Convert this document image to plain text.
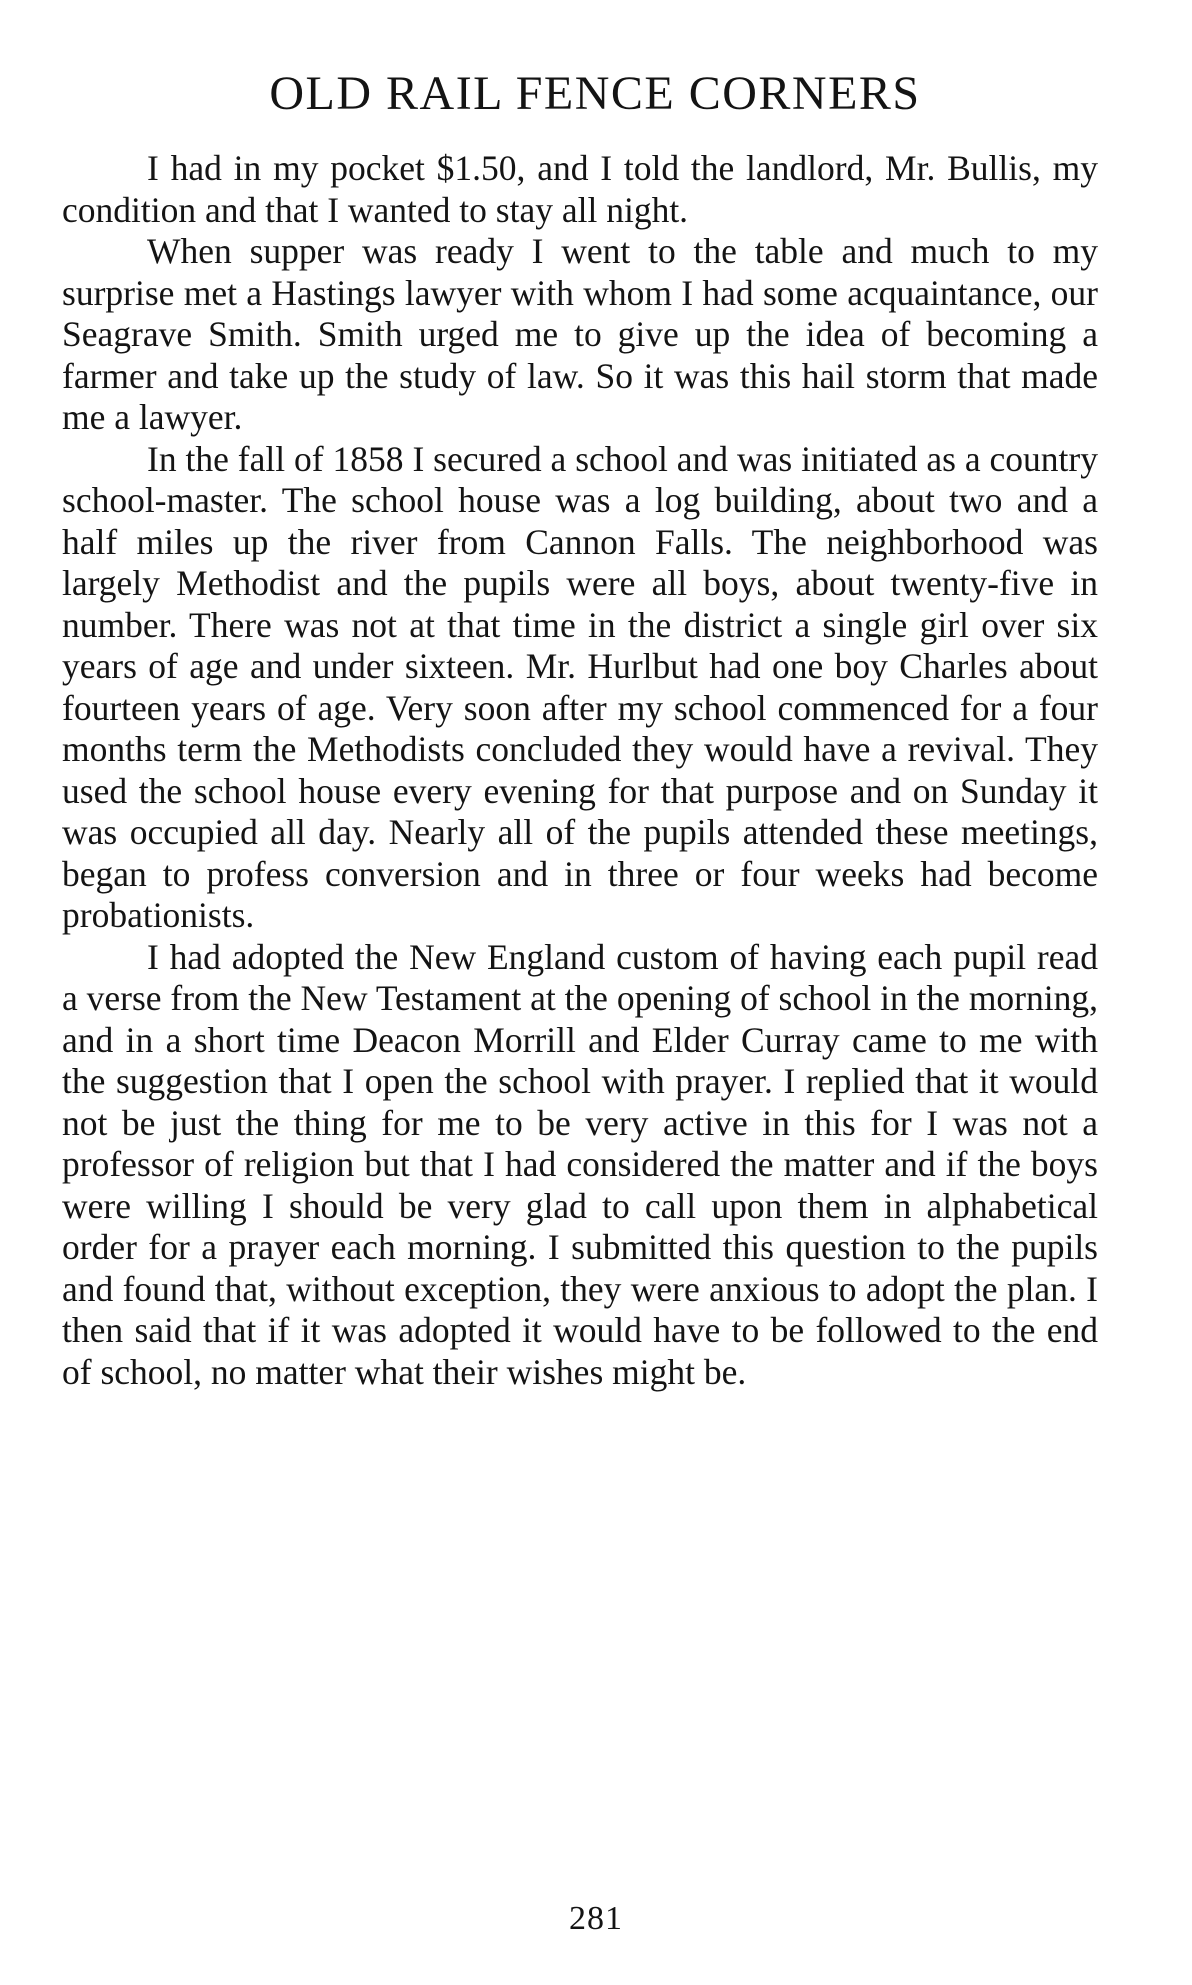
OLD RAIL FENCE CORNERS

I had in my pocket $1.50, and I told the landlord, Mr. Bullis, my condition and that I wanted to stay all night.

When supper was ready I went to the table and much to my surprise met a Hastings lawyer with whom I had some acquaintance, our Seagrave Smith. Smith urged me to give up the idea of becoming a farmer and take up the study of law. So it was this hail storm that made me a lawyer.

In the fall of 1858 I secured a school and was initiated as a country school-master. The school house was a log building, about two and a half miles up the river from Cannon Falls. The neighborhood was largely Methodist and the pupils were all boys, about twenty-five in number. There was not at that time in the district a single girl over six years of age and under sixteen. Mr. Hurlbut had one boy Charles about fourteen years of age. Very soon after my school commenced for a four months term the Methodists concluded they would have a revival. They used the school house every evening for that purpose and on Sunday it was occupied all day. Nearly all of the pupils attended these meetings, began to profess conversion and in three or four weeks had become probationists.

I had adopted the New England custom of having each pupil read a verse from the New Testament at the opening of school in the morning, and in a short time Deacon Morrill and Elder Curray came to me with the suggestion that I open the school with prayer. I replied that it would not be just the thing for me to be very active in this for I was not a professor of religion but that I had considered the matter and if the boys were willing I should be very glad to call upon them in alphabetical order for a prayer each morning. I submitted this question to the pupils and found that, without exception, they were anxious to adopt the plan. I then said that if it was adopted it would have to be followed to the end of school, no matter what their wishes might be.

281
